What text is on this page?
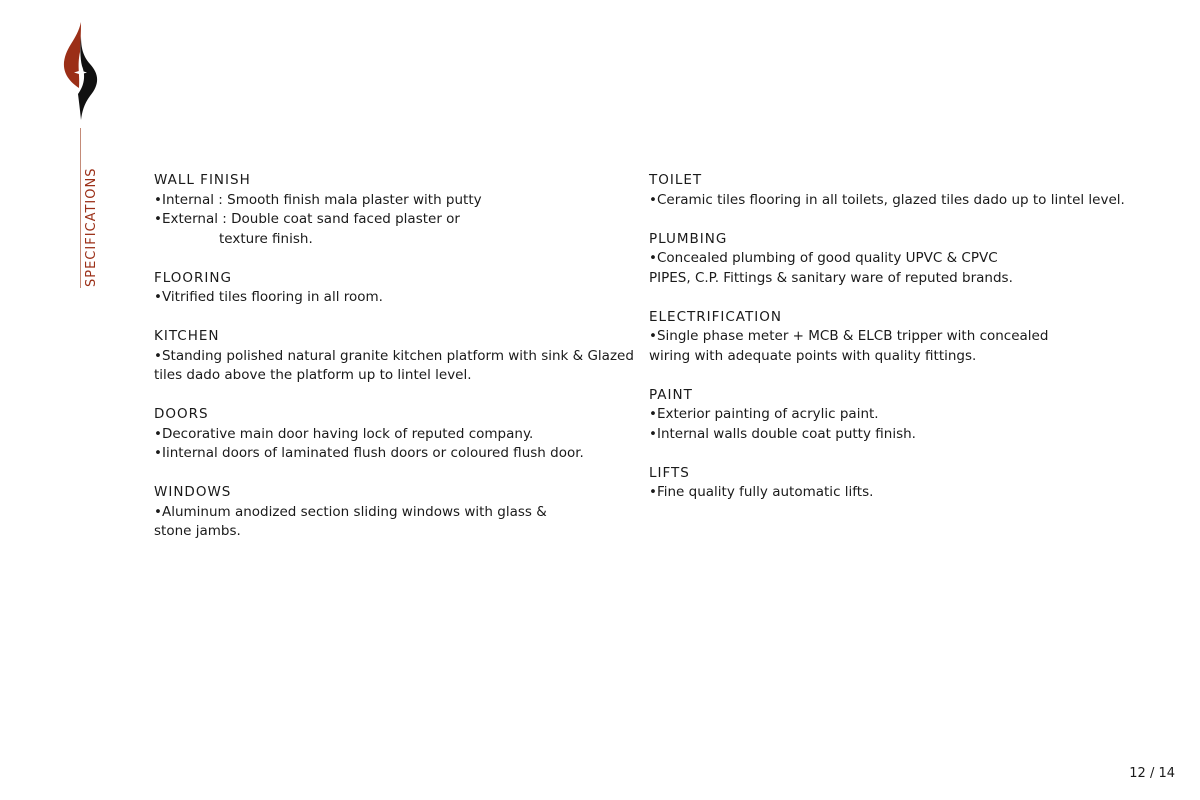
SPECIFICATIONS	WALL FINISH
•Internal : Smooth finish mala plaster with putty
•External : Double coat sand faced plaster or
texture finish.
FLOORING
•Vitrified tiles flooring in all room.
KITCHEN
•Standing polished natural granite kitchen platform with sink & Glazed
tiles dado above the platform up to lintel level.
DOORS
•Decorative main door having lock of reputed company.
•Iinternal doors of laminated flush doors or coloured flush door.
WINDOWS
•Aluminum anodized section sliding windows with glass &
stone jambs.
TOILET
•Ceramic tiles flooring in all toilets, glazed tiles dado up to lintel level.
PLUMBING
•Concealed plumbing of good quality UPVC & CPVC
PIPES, C.P. Fittings & sanitary ware of reputed brands.
ELECTRIFICATION
•Single phase meter + MCB & ELCB tripper with concealed
wiring with adequate points with quality fittings.
PAINT
•Exterior painting of acrylic paint.
•Internal walls double coat putty finish.
LIFTS
•Fine quality fully automatic lifts.
12 / 14
